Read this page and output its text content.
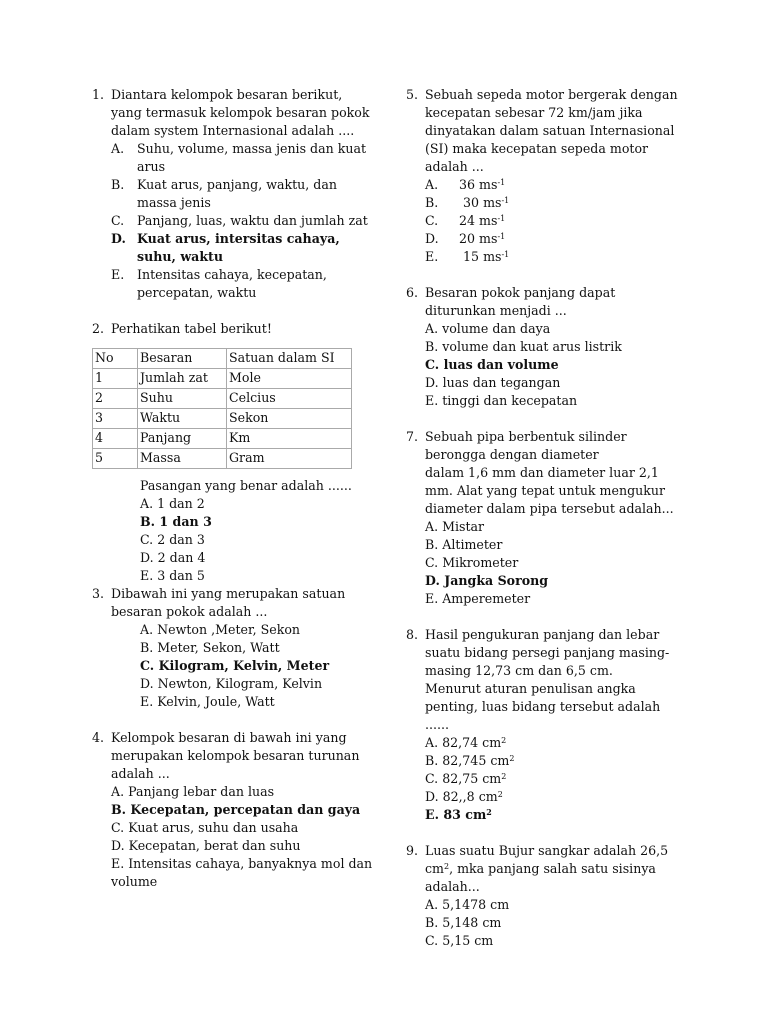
1. Diantara kelompok besaran berikut, yang termasuk kelompok besaran pokok dalam system Internasional adalah ....
A. Suhu, volume, massa jenis dan kuat arus
B. Kuat arus, panjang, waktu, dan massa jenis
C. Panjang, luas, waktu dan jumlah zat
D. Kuat arus, intersitas cahaya, suhu, waktu
E. Intensitas cahaya, kecepatan, percepatan, waktu
2. Perhatikan tabel berikut!
No	Besaran	Satuan dalam SI
1	Jumlah zat	Mole
2	Suhu	Celcius
3	Waktu	Sekon
4	Panjang	Km
5	Massa	Gram
Pasangan yang benar adalah ......
A. 1 dan 2
B. 1 dan 3
C. 2 dan 3
D. 2 dan 4
E. 3 dan 5
3. Dibawah ini yang merupakan satuan besaran pokok adalah ...
A. Newton ,Meter, Sekon
B. Meter, Sekon, Watt
C. Kilogram, Kelvin, Meter
D. Newton, Kilogram, Kelvin
E. Kelvin, Joule, Watt
4. Kelompok besaran di bawah ini yang merupakan kelompok besaran turunan adalah ...
A. Panjang lebar dan luas
B. Kecepatan, percepatan dan gaya
C. Kuat arus, suhu dan usaha
D. Kecepatan, berat dan suhu
E. Intensitas cahaya, banyaknya mol dan volume
5. Sebuah sepeda motor bergerak dengan kecepatan sebesar 72 km/jam jika dinyatakan dalam satuan Internasional (SI) maka kecepatan sepeda motor adalah ...
A. 36 $ms^{-1}$
B. 30 $ms^{-1}$
C. 24 $ms^{-1}$
D. 20 $ms^{-1}$
E. 15 $ms^{-1}$
6. Besaran pokok panjang dapat diturunkan menjadi ...
A. volume dan daya
B. volume dan kuat arus listrik
C. luas dan volume
D. luas dan tegangan
E. tinggi dan kecepatan
7. Sebuah pipa berbentuk silinder
berongga dengan diameter
dalam 1,6 mm dan diameter luar 2,1
mm. Alat yang tepat untuk mengukur
diameter dalam pipa tersebut adalah...
A. Mistar
B. Altimeter
C. Mikrometer
D. Jangka Sorong
E. Amperemeter
8. Hasil pengukuran panjang dan lebar suatu bidang persegi panjang masing-masing 12,73 cm dan 6,5 cm.
Menurut aturan penulisan angka penting, luas bidang tersebut adalah ......
A. 82,74 $cm^2$
B. 82,745 $cm^2$
C. 82,75 $cm^2$
D. 82,,8 $cm^2$
E. 83 $cm^2$
9. Luas suatu Bujur sangkar adalah 26,5 $cm^2$, mka panjang salah satu sisinya adalah...
A. 5,1478 cm
B. 5,148 cm
C. 5,15 cm
